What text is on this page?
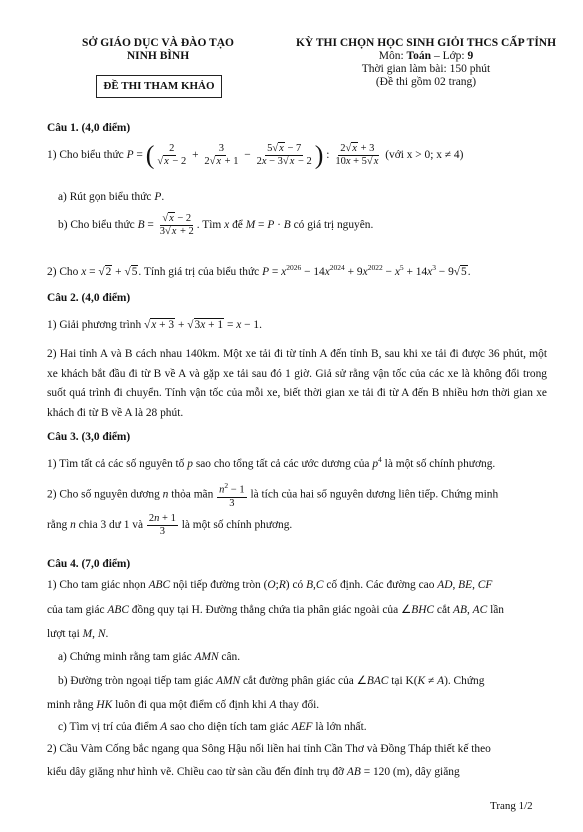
SỞ GIÁO DỤC VÀ ĐÀO TẠO
NINH BÌNH
ĐỀ THI THAM KHẢO
KỲ THI CHỌN HỌC SINH GIỎI THCS CẤP TỈNH
Môn: Toán – Lớp: 9
Thời gian làm bài: 150 phút
(Đề thi gồm 02 trang)
Câu 1. (4,0 điểm)
1) Cho biểu thức P = ( $\frac{2}{√x - 2} + \frac{3}{2√x + 1} - \frac{5√x - 7}{2x - 3√x - 2}$ ) : $\frac{2√x + 3}{10x + 5√x}$ (với x > 0; x ≠ 4)
a) Rút gọn biểu thức P.
b) Cho biểu thức $B = \frac{√x - 2}{3√x + 2}$ . Tìm x để M = P · B có giá trị nguyên.
2) Cho x = √2 + √5. Tính giá trị của biểu thức $P = x^{2026} - 14x^{2024} + 9x^{2022} - x^5 + 14x^3 - 9√5$.
Câu 2. (4,0 điểm)
1) Giải phương trình √x + 3 + √3x + 1 = x − 1.
2) Hai tỉnh A và B cách nhau 140km. Một xe tải đi từ tỉnh A đến tỉnh B, sau khi xe tải đi được 36 phút, một xe khách bắt đầu đi từ B về A và gặp xe tải sau đó 1 giờ. Giả sử rằng vận tốc của các xe là không đổi trong suốt quá trình đi chuyển. Tính vận tốc của mỗi xe, biết thời gian xe tải đi từ A đến B nhiều hơn thời gian xe khách đi từ B về A là 28 phút.
Câu 3. (3,0 điểm)
1) Tìm tất cả các số nguyên tố p sao cho tổng tất cả các ước dương của $p^4$ là một số chính phương.
2) Cho số nguyên dương n thỏa mãn $\frac{n^2 - 1}{3}$ là tích của hai số nguyên dương liên tiếp. Chứng minh
rằng n chia 3 dư 1 và $\frac{2n + 1}{3}$ là một số chính phương.
Câu 4. (7,0 điểm)
1) Cho tam giác nhọn ABC nội tiếp đường tròn (O;R) có B,C cố định. Các đường cao AD, BE, CF
của tam giác ABC đồng quy tại H. Đường thẳng chứa tia phân giác ngoài của ∠BHC cắt AB, AC lần
lượt tại M, N.
a) Chứng minh rằng tam giác AMN cân.
b) Đường tròn ngoại tiếp tam giác AMN cắt đường phân giác của ∠BAC tại K(K ≠ A). Chứng
minh rằng HK luôn đi qua một điểm cố định khi A thay đổi.
c) Tìm vị trí của điểm A sao cho diện tích tam giác AEF là lớn nhất.
2) Cầu Vàm Cống bắc ngang qua Sông Hậu nối liền hai tỉnh Cần Thơ và Đồng Tháp thiết kế theo
kiểu dây giăng như hình vẽ. Chiều cao từ sàn cầu đến đỉnh trụ đỡ AB = 120 (m), dây giăng
Trang 1/2
